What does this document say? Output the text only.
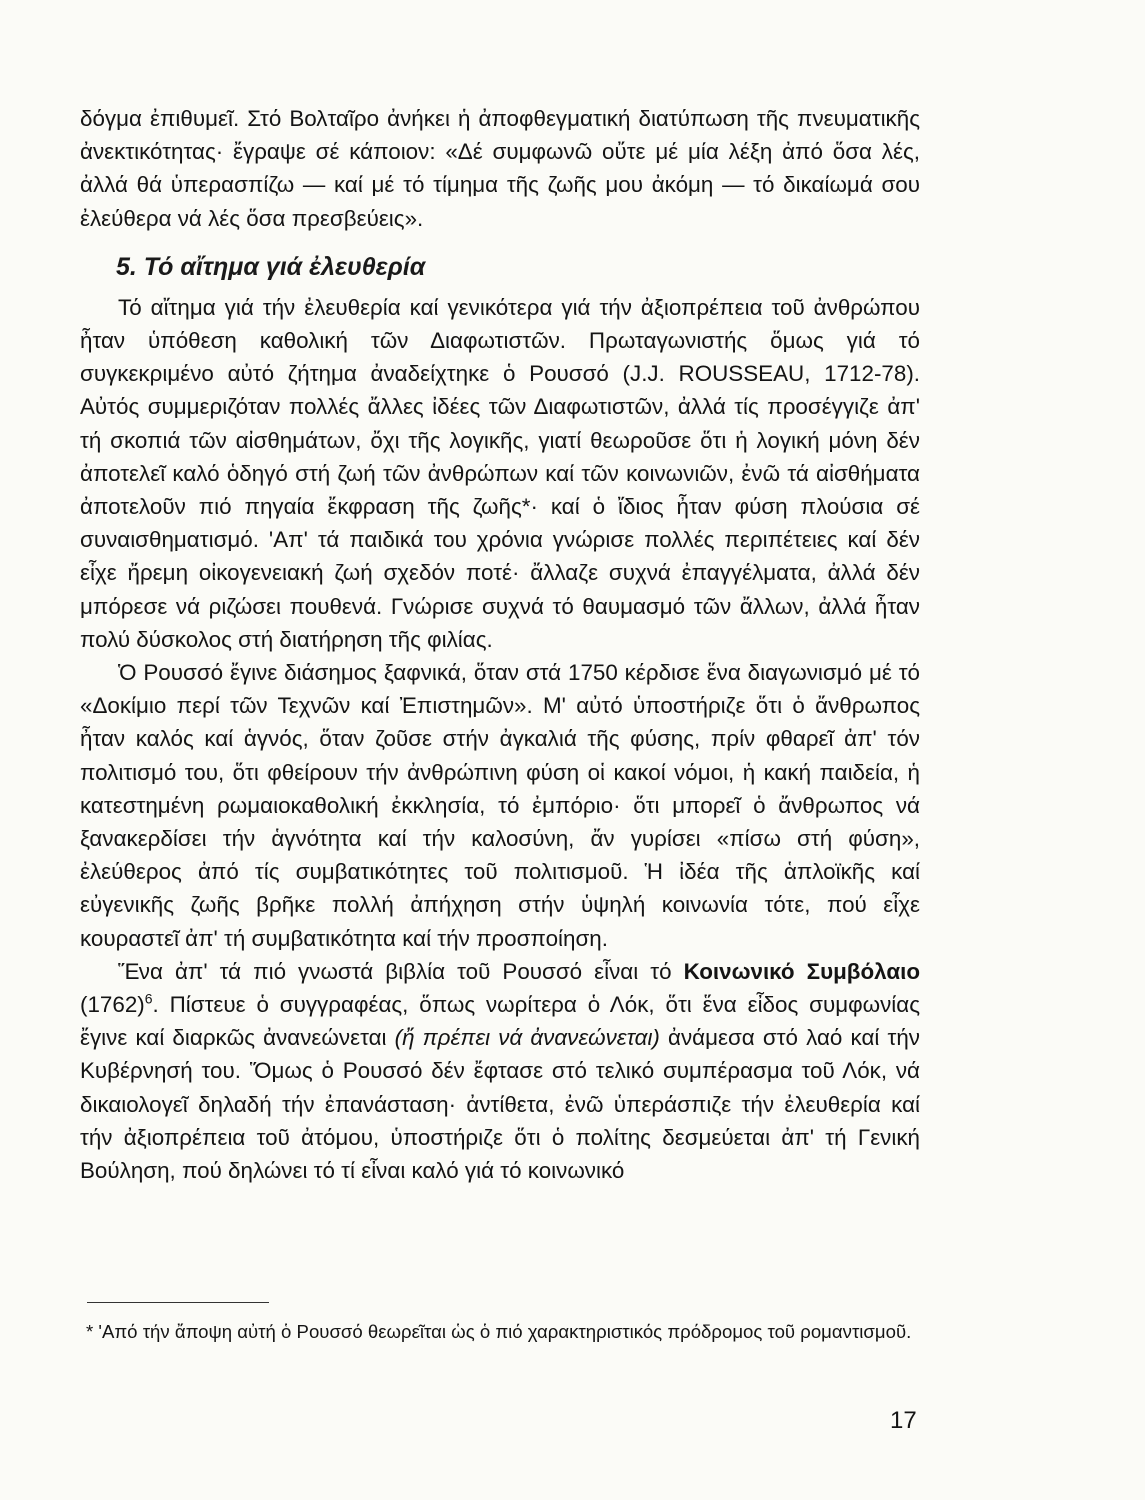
δόγμα ἐπιθυμεῖ. Στό Βολταῖρο ἀνήκει ἡ ἀποφθεγματική διατύπωση τῆς πνευματικῆς ἀνεκτικότητας· ἔγραψε σέ κάποιον: «Δέ συμφωνῶ οὔτε μέ μία λέξη ἀπό ὅσα λές, ἀλλά θά ὑπερασπίζω — καί μέ τό τίμημα τῆς ζωῆς μου ἀκόμη — τό δικαίωμά σου ἐλεύθερα νά λές ὅσα πρεσβεύεις».

5. Τό αἴτημα γιά ἐλευθερία

Τό αἴτημα γιά τήν ἐλευθερία καί γενικότερα γιά τήν ἀξιοπρέπεια τοῦ ἀνθρώπου ἦταν ὑπόθεση καθολική τῶν Διαφωτιστῶν. Πρωταγωνιστής ὅμως γιά τό συγκεκριμένο αὐτό ζήτημα ἀναδείχτηκε ὁ Ρουσσό (J.J. ROUSSEAU, 1712-78). Αὐτός συμμεριζόταν πολλές ἄλλες ἰδέες τῶν Διαφωτιστῶν, ἀλλά τίς προσέγγιζε ἀπ' τή σκοπιά τῶν αἰσθημάτων, ὄχι τῆς λογικῆς, γιατί θεωροῦσε ὅτι ἡ λογική μόνη δέν ἀποτελεῖ καλό ὁδηγό στή ζωή τῶν ἀνθρώπων καί τῶν κοινωνιῶν, ἐνῶ τά αἰσθήματα ἀποτελοῦν πιό πηγαία ἔκφραση τῆς ζωῆς*· καί ὁ ἴδιος ἦταν φύση πλούσια σέ συναισθηματισμό. 'Απ' τά παιδικά του χρόνια γνώρισε πολλές περιπέτειες καί δέν εἶχε ἤρεμη οἰκογενειακή ζωή σχεδόν ποτέ· ἄλλαζε συχνά ἐπαγγέλματα, ἀλλά δέν μπόρεσε νά ριζώσει πουθενά. Γνώρισε συχνά τό θαυμασμό τῶν ἄλλων, ἀλλά ἦταν πολύ δύσκολος στή διατήρηση τῆς φιλίας.

Ὁ Ρουσσό ἔγινε διάσημος ξαφνικά, ὅταν στά 1750 κέρδισε ἕνα διαγωνισμό μέ τό «Δοκίμιο περί τῶν Τεχνῶν καί Ἐπιστημῶν». Μ' αὐτό ὑποστήριζε ὅτι ὁ ἄνθρωπος ἦταν καλός καί ἁγνός, ὅταν ζοῦσε στήν ἀγκαλιά τῆς φύσης, πρίν φθαρεῖ ἀπ' τόν πολιτισμό του, ὅτι φθείρουν τήν ἀνθρώπινη φύση οἱ κακοί νόμοι, ἡ κακή παιδεία, ἡ κατεστημένη ρωμαιοκαθολική ἐκκλησία, τό ἐμπόριο· ὅτι μπορεῖ ὁ ἄνθρωπος νά ξανακερδίσει τήν ἁγνότητα καί τήν καλοσύνη, ἄν γυρίσει «πίσω στή φύση», ἐλεύθερος ἀπό τίς συμβατικότητες τοῦ πολιτισμοῦ. Ἡ ἰδέα τῆς ἁπλοϊκῆς καί εὐγενικῆς ζωῆς βρῆκε πολλή ἀπήχηση στήν ὑψηλή κοινωνία τότε, πού εἶχε κουραστεῖ ἀπ' τή συμβατικότητα καί τήν προσποίηση.

Ἕνα ἀπ' τά πιό γνωστά βιβλία τοῦ Ρουσσό εἶναι τό Κοινωνικό Συμβόλαιο $(1762)^6$. Πίστευε ὁ συγγραφέας, ὅπως νωρίτερα ὁ Λόκ, ὅτι ἕνα εἶδος συμφωνίας ἔγινε καί διαρκῶς ἀνανεώνεται (ἤ πρέπει νά ἀνανεώνεται) ἀνάμεσα στό λαό καί τήν Κυβέρνησή του. Ὅμως ὁ Ρουσσό δέν ἔφτασε στό τελικό συμπέρασμα τοῦ Λόκ, νά δικαιολογεῖ δηλαδή τήν ἐπανάσταση· ἀντίθετα, ἐνῶ ὑπεράσπιζε τήν ἐλευθερία καί τήν ἀξιοπρέπεια τοῦ ἀτόμου, ὑποστήριζε ὅτι ὁ πολίτης δεσμεύεται ἀπ' τή Γενική Βούληση, πού δηλώνει τό τί εἶναι καλό γιά τό κοινωνικό

* 'Από τήν ἄποψη αὐτή ὁ Ρουσσό θεωρεῖται ὡς ὁ πιό χαρακτηριστικός πρόδρομος τοῦ ρομαντισμοῦ.

17
